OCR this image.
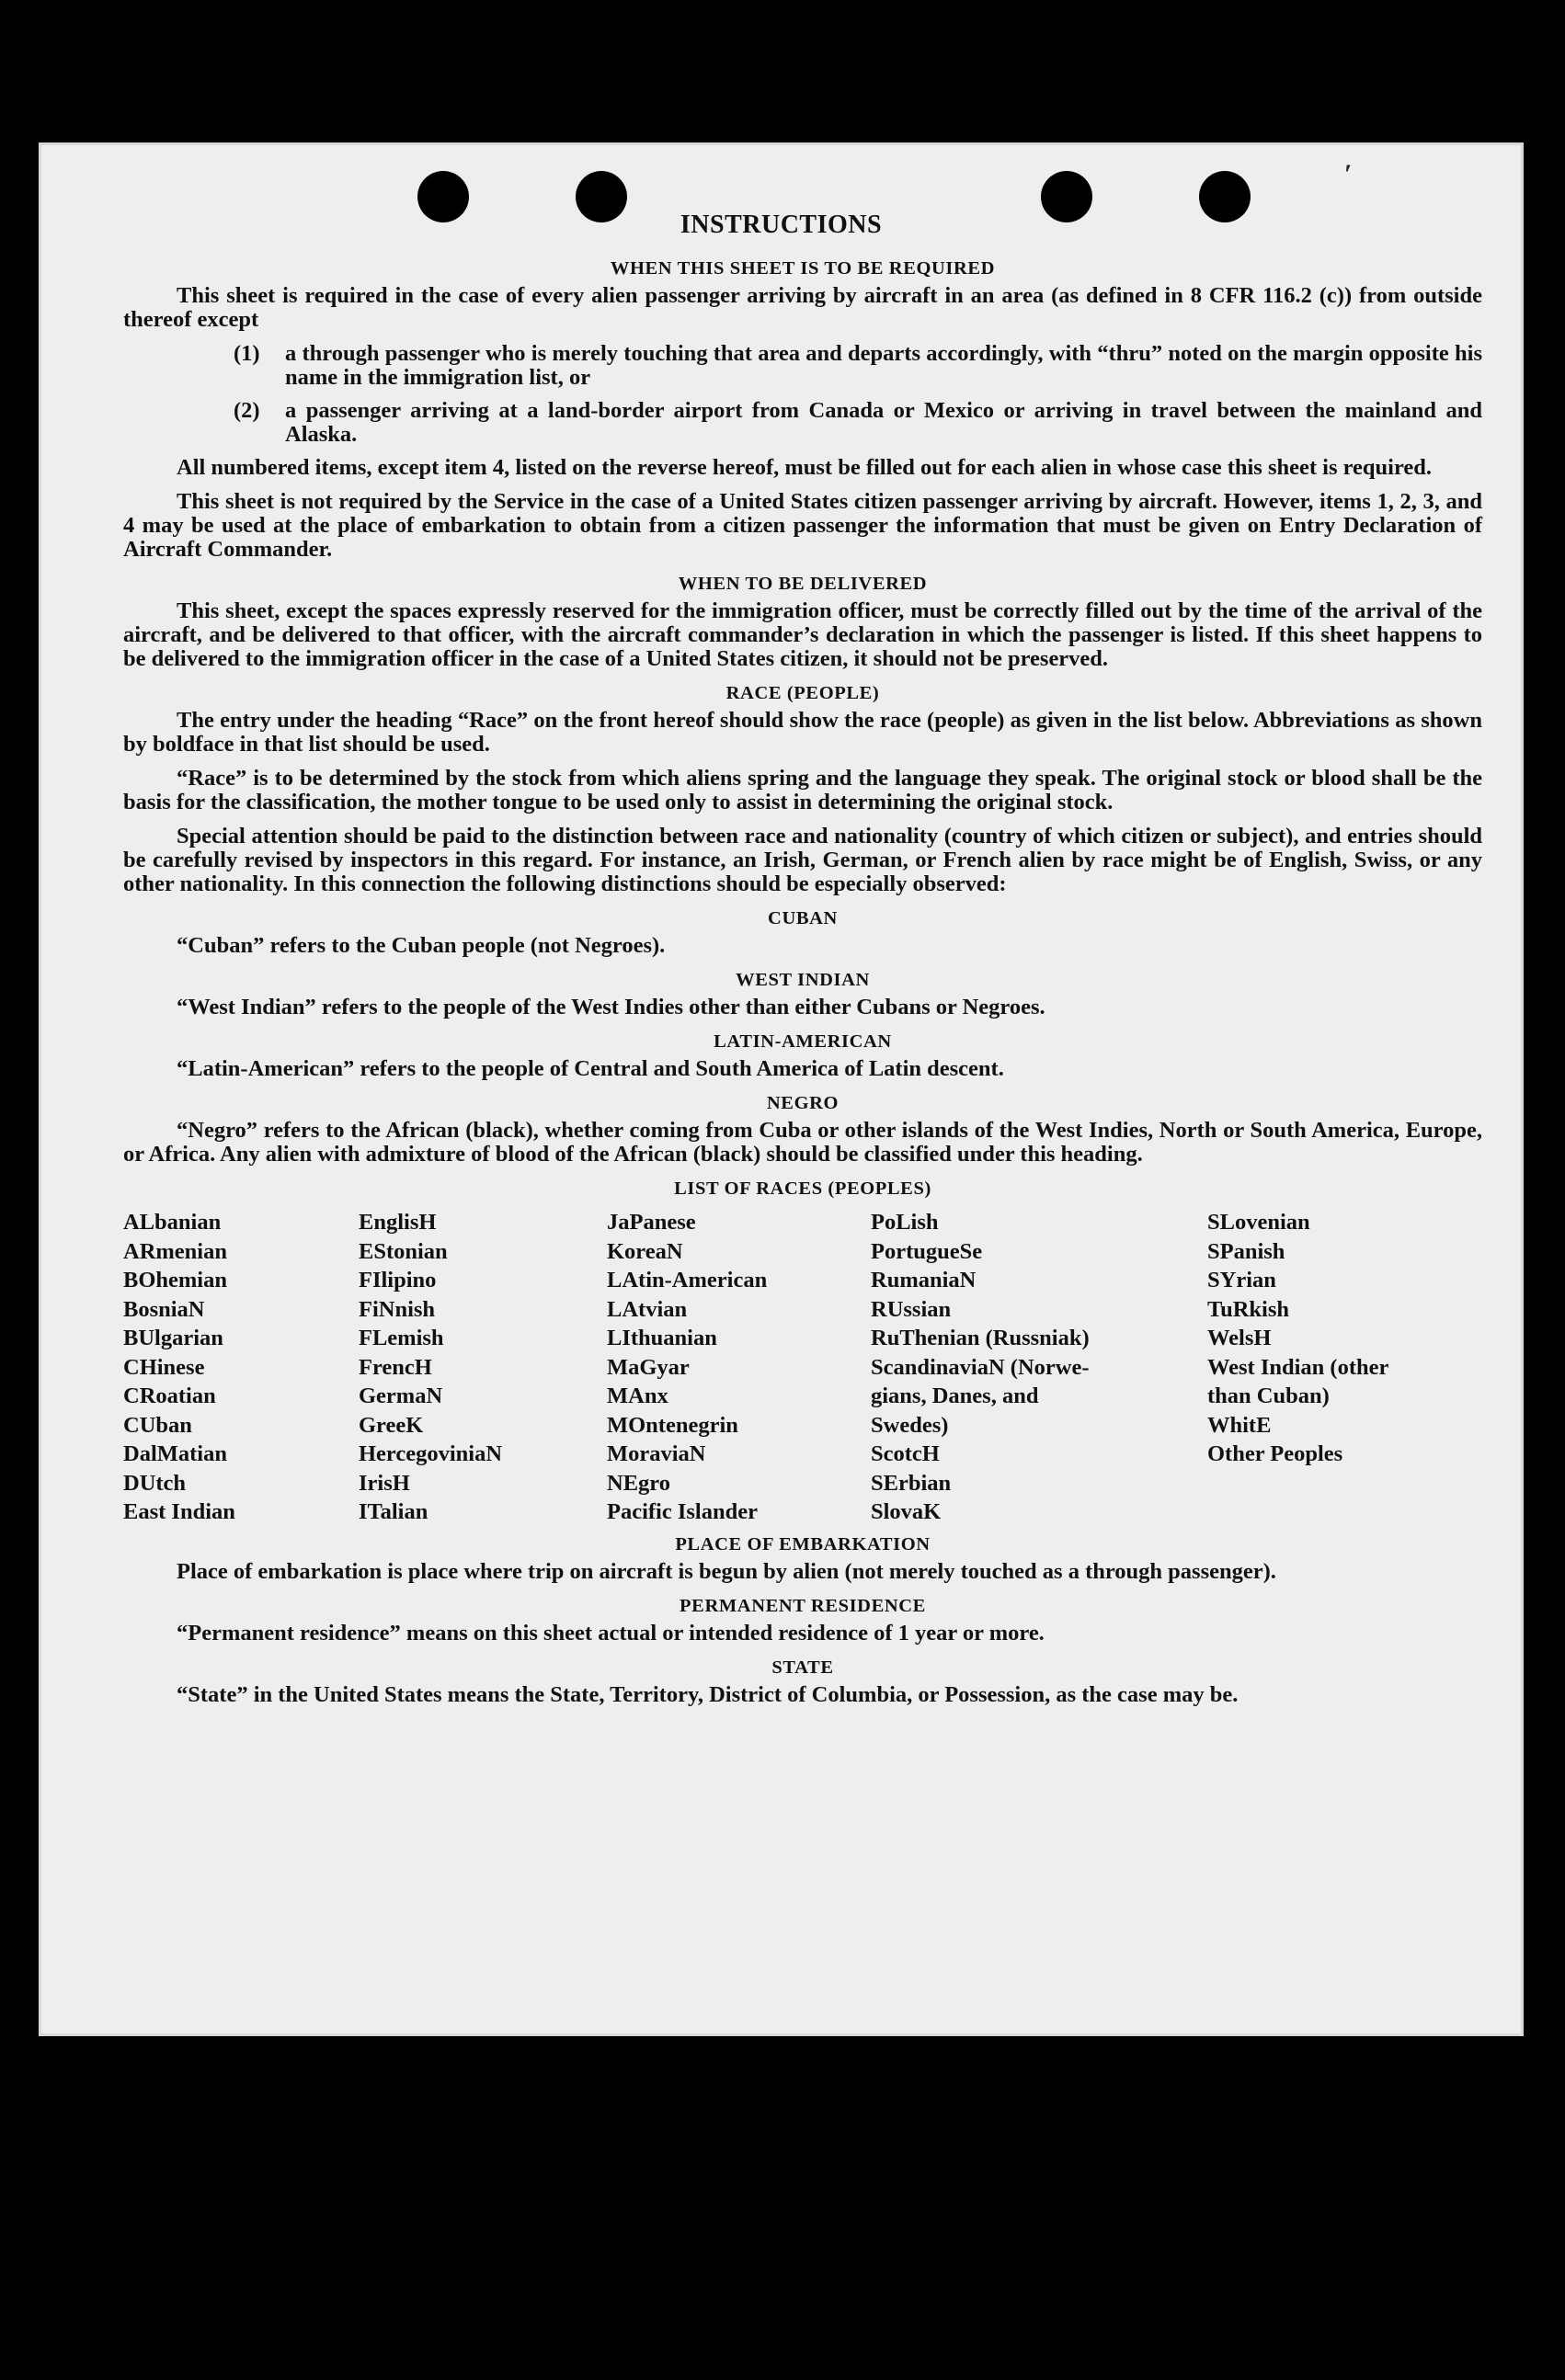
′
INSTRUCTIONS
WHEN THIS SHEET IS TO BE REQUIRED
This sheet is required in the case of every alien passenger arriving by aircraft in an area (as defined in 8 CFR 116.2 (c)) from outside thereof except
(1)	a through passenger who is merely touching that area and departs accordingly, with “thru” noted on the margin opposite his name in the immigration list, or
(2)	a passenger arriving at a land-border airport from Canada or Mexico or arriving in travel between the mainland and Alaska.
All numbered items, except item 4, listed on the reverse hereof, must be filled out for each alien in whose case this sheet is required.
This sheet is not required by the Service in the case of a United States citizen passenger arriving by aircraft. However, items 1, 2, 3, and 4 may be used at the place of embarkation to obtain from a citizen passenger the information that must be given on Entry Declaration of Aircraft Commander.
WHEN TO BE DELIVERED
This sheet, except the spaces expressly reserved for the immigration officer, must be correctly filled out by the time of the arrival of the aircraft, and be delivered to that officer, with the aircraft commander’s declaration in which the passenger is listed. If this sheet happens to be delivered to the immigration officer in the case of a United States citizen, it should not be preserved.
RACE (PEOPLE)
The entry under the heading “Race” on the front hereof should show the race (people) as given in the list below. Abbreviations as shown by boldface in that list should be used.
“Race” is to be determined by the stock from which aliens spring and the language they speak. The original stock or blood shall be the basis for the classification, the mother tongue to be used only to assist in determining the original stock.
Special attention should be paid to the distinction between race and nationality (country of which citizen or subject), and entries should be carefully revised by inspectors in this regard. For instance, an Irish, German, or French alien by race might be of English, Swiss, or any other nationality. In this connection the following distinctions should be especially observed:
CUBAN
“Cuban” refers to the Cuban people (not Negroes).
WEST INDIAN
“West Indian” refers to the people of the West Indies other than either Cubans or Negroes.
LATIN-AMERICAN
“Latin-American” refers to the people of Central and South America of Latin descent.
NEGRO
“Negro” refers to the African (black), whether coming from Cuba or other islands of the West Indies, North or South America, Europe, or Africa. Any alien with admixture of blood of the African (black) should be classified under this heading.
LIST OF RACES (PEOPLES)
ALbanian
ARmenian
BOhemian
BosniaN
BUlgarian
CHinese
CRoatian
CUban
DalMatian
DUtch
East Indian
EnglisH
EStonian
FIlipino
FiNnish
FLemish
FrencH
GermaN
GreeK
HercegoviniaN
IrisH
ITalian
JaPanese
KoreaN
LAtin-American
LAtvian
LIthuanian
MaGyar
MAnx
MOntenegrin
MoraviaN
NEgro
Pacific Islander
PoLish
PortugueSe
RumaniaN
RUssian
RuThenian (Russniak)
ScandinaviaN (Norwe-
gians, Danes, and
Swedes)
ScotcH
SErbian
SlovaK
SLovenian
SPanish
SYrian
TuRkish
WelsH
West Indian (other
than Cuban)
WhitE
Other Peoples
PLACE OF EMBARKATION
Place of embarkation is place where trip on aircraft is begun by alien (not merely touched as a through passenger).
PERMANENT RESIDENCE
“Permanent residence” means on this sheet actual or intended residence of 1 year or more.
STATE
“State” in the United States means the State, Territory, District of Columbia, or Possession, as the case may be.
